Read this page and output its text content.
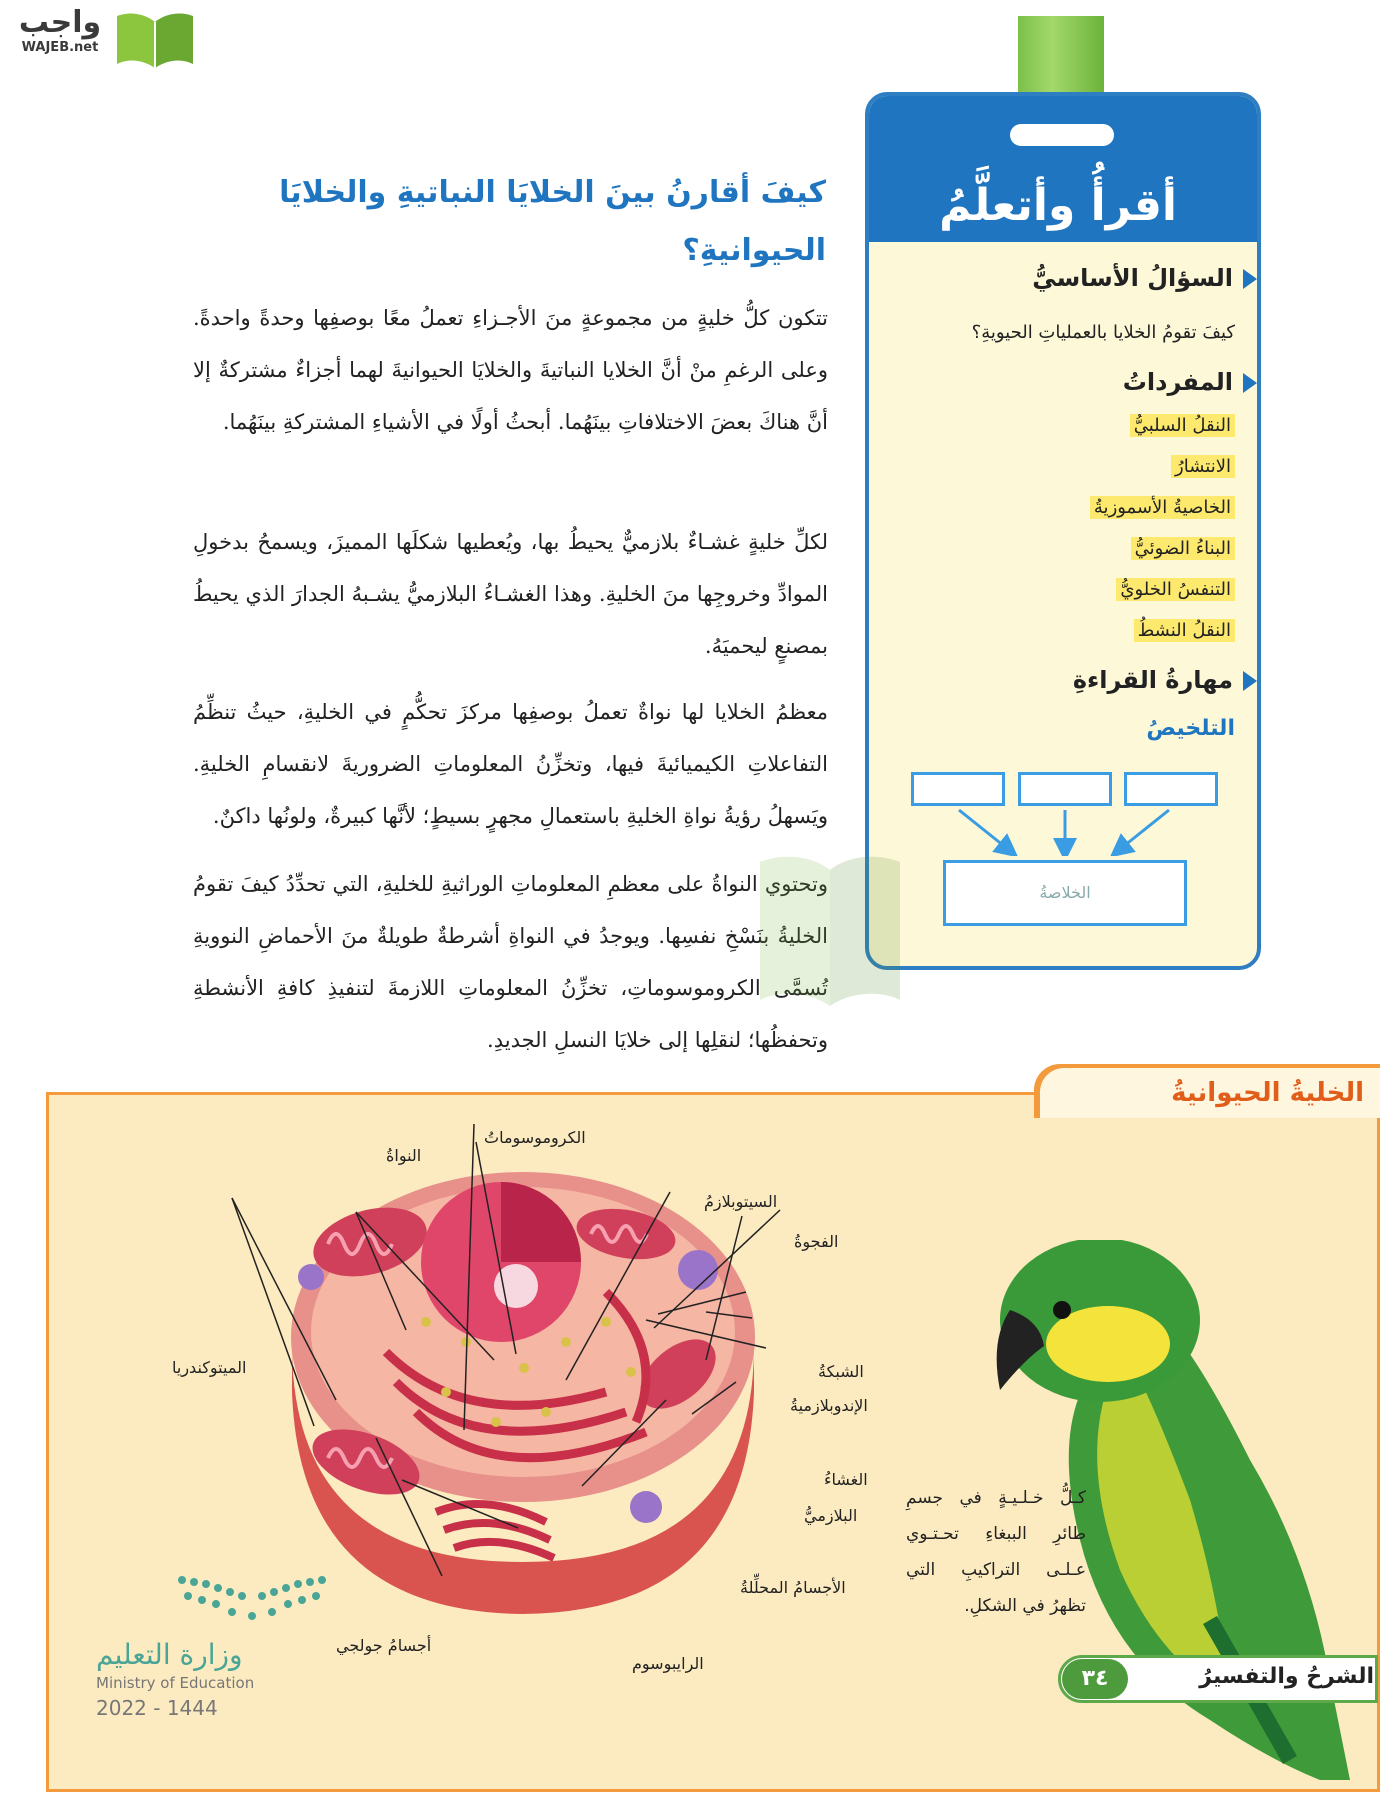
واجب
WAJEB.net
أقرأُ وأتعلَّمُ
السؤالُ الأساسيُّ
كيفَ تقومُ الخلايا بالعملياتِ الحيويةِ؟
المفرداتُ
النقلُ السلبيُّ
الانتشارُ
الخاصيةُ الأسموزيةُ
البناءُ الضوئيُّ
التنفسُ الخلويُّ
النقلُ النشطُ
مهارةُ القراءةِ
التلخيصُ
الخلاصةُ
كيفَ أقارنُ بينَ الخلايَا النباتيةِ والخلايَا الحيوانيةِ؟
تتكون كلُّ خليةٍ من مجموعةٍ منَ الأجـزاءِ تعملُ معًا بوصفِها وحدةً واحدةً. وعلى الرغمِ منْ أنَّ الخلايا النباتيةَ والخلايَا الحيوانيةَ لهما أجزاءٌ مشتركةٌ إلا أنَّ هناكَ بعضَ الاختلافاتِ بينَهُما. أبحثُ أولًا في الأشياءِ المشتركةِ بينَهُما.
لكلِّ خليةٍ غشـاءٌ بلازميٌّ يحيطُ بها، ويُعطيها شكلَها المميزَ، ويسمحُ بدخولِ الموادِّ وخروجِها منَ الخليةِ. وهذا الغشـاءُ البلازميُّ يشـبهُ الجدارَ الذي يحيطُ بمصنعٍ ليحميَهُ.
معظمُ الخلايا لها نواةٌ تعملُ بوصفِها مركزَ تحكُّمٍ في الخليةِ، حيثُ تنظِّمُ التفاعلاتِ الكيميائيةَ فيها، وتخزِّنُ المعلوماتِ الضروريةَ لانقسامِ الخليةِ. ويَسهلُ رؤيةُ نواةِ الخليةِ باستعمالِ مجهرٍ بسيطٍ؛ لأنَّها كبيرةٌ، ولونُها داكنٌ.
وتحتوي النواةُ على معظمِ المعلوماتِ الوراثيةِ للخليةِ، التي تحدِّدُ كيفَ تقومُ الخليةُ بنَسْخِ نفسِها. ويوجدُ في النواةِ أشرطةٌ طويلةٌ منَ الأحماضِ النوويةِ تُسمَّى الكروموسوماتِ، تخزِّنُ المعلوماتِ اللازمةَ لتنفيذِ كافةِ الأنشطةِ وتحفظُها؛ لنقلِها إلى خلايَا النسلِ الجديدِ.
الخليةُ الحيوانيةُ
النواةُ
الكروموسوماتُ
السيتوبلازمُ
الفجوةُ
الميتوكندريا	الشبكةُ
الإندوبلازميةُ
الغشاءُ
البلازميُّ
الأجسامُ المحلِّلةُ
أجسامُ جولجي
الرايبوسوم
كـلُّ خـلـيـةٍ في جسمِ طائرِ الببغاءِ تحـتـوي عـلـى التراكيبِ التي تظهرُ في الشكلِ.
وزارة التعليم
Ministry of Education
2022 - 1444
٣٤	الشرحُ والتفسيرُ
